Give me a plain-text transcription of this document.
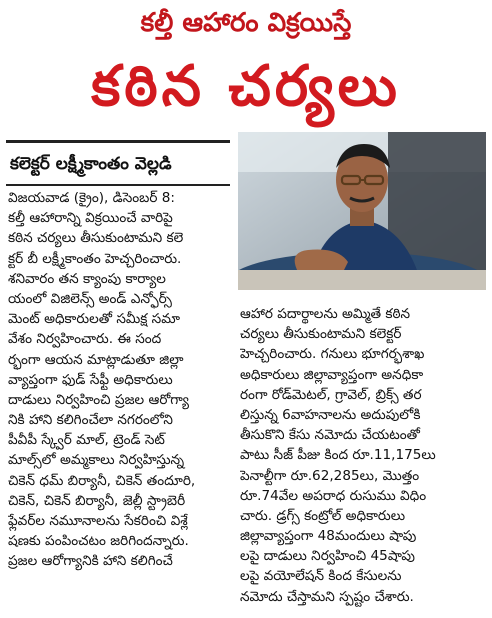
కల్తీ ఆహారం విక్రయిస్తే
కఠిన చర్యలు
కలెక్టర్ లక్ష్మీకాంతం వెల్లడి
విజయవాడ (క్రైం), డిసెంబర్ 8:
కల్తీ ఆహారాన్ని విక్రయించే వారిపై
కఠిన చర్యలు తీసుకుంటామని కలె
క్టర్ బీ లక్ష్మీకాంతం హెచ్చరించారు.
శనివారం తన క్యాంపు కార్యాల
యంలో విజిలెన్స్ అండ్ ఎన్ఫోర్స్
మెంట్ అధికారులతో సమీక్ష సమా
వేశం నిర్వహించారు. ఈ సంద
ర్భంగా ఆయన మాట్లాడుతూ జిల్లా
వ్యాప్తంగా ఫుడ్ సేఫ్టీ అధికారులు
దాడులు నిర్వహించి ప్రజల ఆరోగ్యా
నికి హాని కలిగించేలా నగరంలోని
పీవీపీ స్క్వేర్ మాల్, ట్రెండ్ సెట్
మాల్స్‌లో అమ్మకాలు నిర్వహిస్తున్న
చికెన్ ధమ్ బిర్యానీ, చికెన్ తందూరి,
చికెన్, చికెన్ బిర్యానీ, జెల్లీ స్ట్రాబెరీ
ఫ్లేవర్‌ల నమూనాలను సేకరించి విశ్లే
షణకు పంపించటం జరిగిందన్నారు.
ప్రజల ఆరోగ్యానికి హాని కలిగించే
ఆహార పదార్థాలను అమ్మితే కఠిన
చర్యలు తీసుకుంటామని కలెక్టర్
హెచ్చరించారు. గనులు భూగర్భశాఖ
అధికారులు జిల్లావ్యాప్తంగా అనధికా
రంగా రోడ్‌మెటల్, గ్రావెల్, బ్రిక్స్ తర
లిస్తున్న 6వాహనాలను అదుపులోకి
తీసుకొని కేసు నమోదు చేయటంతో
పాటు సీజ్ పీజు కింద రూ.11,175లు
పెనాల్టీగా రూ.62,285లు, మొత్తం
రూ.74వేల అపరాధ రుసుము విధిం
చారు. డ్రగ్స్ కంట్రోల్ అధికారులు
జిల్లావ్యాప్తంగా 48మందులు షాపు
లపై దాడులు నిర్వహించి 45షాపు
లపై వయోలేషన్ కింద కేసులను
నమోదు చేస్తామని స్పష్టం చేశారు.
